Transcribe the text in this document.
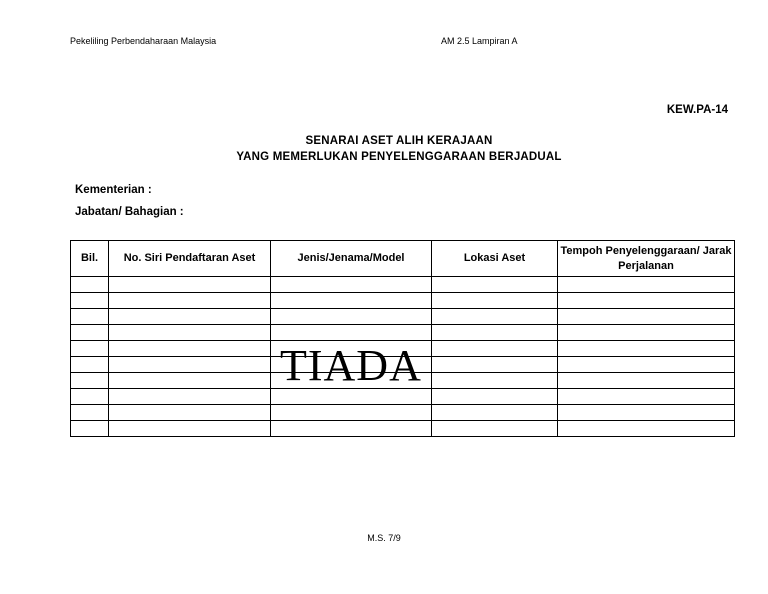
Pekeliling Perbendaharaan Malaysia	AM 2.5 Lampiran A
KEW.PA-14
SENARAI ASET ALIH KERAJAAN
YANG MEMERLUKAN PENYELENGGARAAN BERJADUAL
Kementerian :
Jabatan/ Bahagian :
Bil.	No. Siri Pendaftaran Aset	Jenis/Jenama/Model	Lokasi Aset	Tempoh Penyelenggaraan/ Jarak Perjalanan

TIADA
M.S. 7/9
